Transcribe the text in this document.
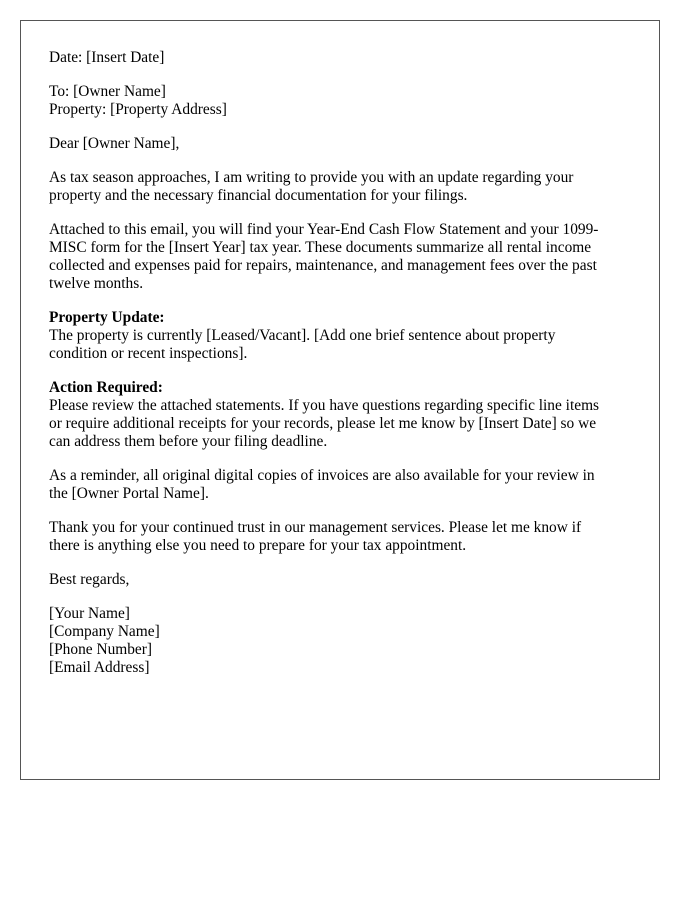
Date: [Insert Date]

To: [Owner Name]
Property: [Property Address]

Dear [Owner Name],

As tax season approaches, I am writing to provide you with an update regarding your
property and the necessary financial documentation for your filings.

Attached to this email, you will find your Year-End Cash Flow Statement and your 1099-
MISC form for the [Insert Year] tax year. These documents summarize all rental income
collected and expenses paid for repairs, maintenance, and management fees over the past
twelve months.

Property Update:
The property is currently [Leased/Vacant]. [Add one brief sentence about property
condition or recent inspections].

Action Required:
Please review the attached statements. If you have questions regarding specific line items
or require additional receipts for your records, please let me know by [Insert Date] so we
can address them before your filing deadline.

As a reminder, all original digital copies of invoices are also available for your review in
the [Owner Portal Name].

Thank you for your continued trust in our management services. Please let me know if
there is anything else you need to prepare for your tax appointment.

Best regards,

[Your Name]
[Company Name]
[Phone Number]
[Email Address]
